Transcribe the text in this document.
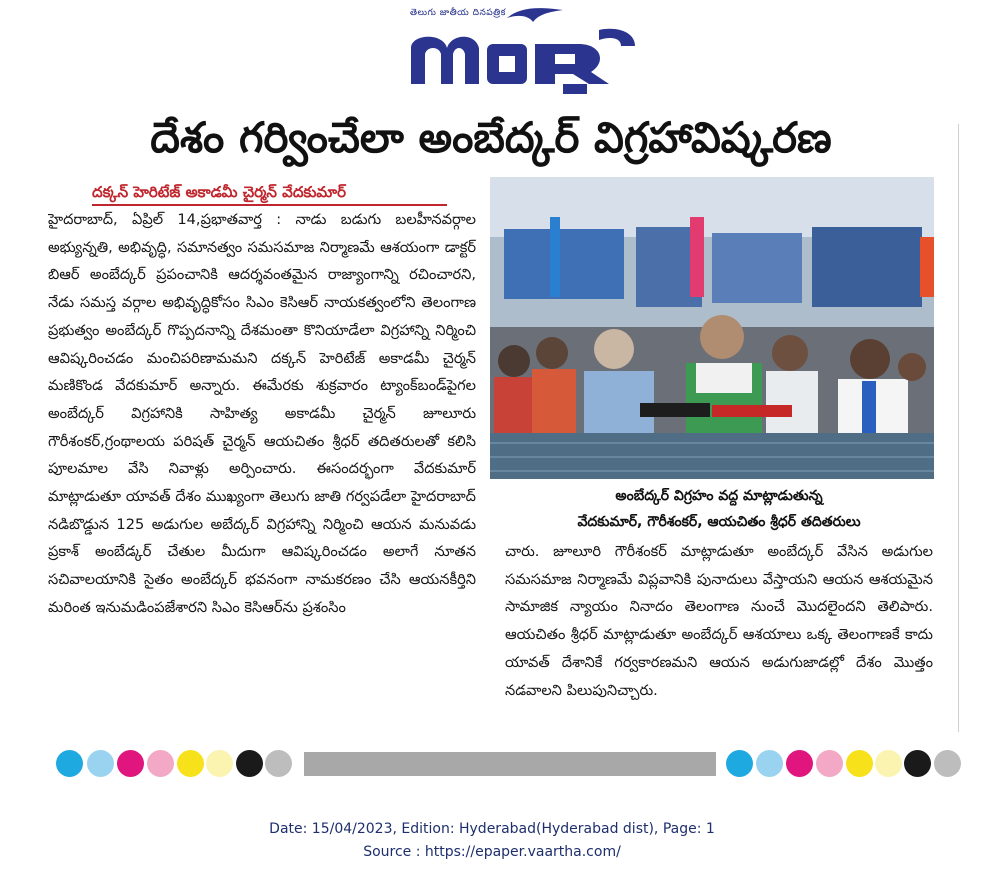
తెలుగు జాతీయ దినపత్రిక
దేశం గర్వించేలా అంబేద్కర్ విగ్రహావిష్కరణ
దక్కన్ హెరిటేజ్ అకాడమీ చైర్మన్ వేదకుమార్

హైదరాబాద్, ఏప్రిల్ 14,ప్రభాతవార్త : నాడు బడుగు బలహీనవర్గాల అభ్యున్నతి, అభివృద్ధి, సమానత్వం సమసమాజ నిర్మాణమే ఆశయంగా డాక్టర్ బిఆర్ అంబేద్కర్ ప్రపంచానికి ఆదర్శవంతమైన రాజ్యాంగాన్ని రచించారని, నేడు సమస్త వర్గాల అభివృద్ధికోసం సిఎం కెసిఆర్ నాయకత్వంలోని తెలంగాణ ప్రభుత్వం అంబేద్కర్ గొప్పదనాన్ని దేశమంతా కొనియాడేలా విగ్రహాన్ని నిర్మించి ఆవిష్కరించడం మంచిపరిణామమని దక్కన్ హెరిటేజ్ అకాడమీ చైర్మన్ మణికొండ వేదకుమార్ అన్నారు. ఈమేరకు శుక్రవారం ట్యాంక్‌బండ్‌పైగల అంబేద్కర్ విగ్రహానికి సాహిత్య అకాడమీ చైర్మన్ జూలూరు గౌరీశంకర్,గ్రంథాలయ పరిషత్ చైర్మన్ ఆయచితం శ్రీధర్ తదితరులతో కలిసి పూలమాల వేసి నివాళ్లు అర్పించారు. ఈసందర్భంగా వేదకుమార్ మాట్లాడుతూ యావత్ దేశం ముఖ్యంగా తెలుగు జాతి గర్వపడేలా హైదరాబాద్ నడిబొడ్డున 125 అడుగుల అబేద్కర్ విగ్రహాన్ని నిర్మించి ఆయన మనువడు ప్రకాశ్ అంబేడ్కర్ చేతుల మీదుగా ఆవిష్కరించడం అలాగే నూతన సచివాలయానికి సైతం అంబేద్కర్ భవనంగా నామకరణం చేసి ఆయనకీర్తిని మరింత ఇనుమడింపజేశారని సిఎం కెసిఆర్‌ను ప్రశంసిం

అంబేద్కర్ విగ్రహం వద్ద మాట్లాడుతున్న
వేదకుమార్, గౌరీశంకర్, ఆయచితం శ్రీధర్ తదితరులు

చారు. జూలూరి గౌరీశంకర్ మాట్లాడుతూ అంబేద్కర్ వేసిన అడుగుల సమసమాజ నిర్మాణమే విప్లవానికి పునాదులు వేస్తాయని ఆయన ఆశయమైన సామాజిక న్యాయం నినాదం తెలంగాణ నుంచే మొదలైందని తెలిపారు. ఆయచితం శ్రీధర్ మాట్లాడుతూ అంబేద్కర్ ఆశయాలు ఒక్క తెలంగాణకే కాదు యావత్ దేశానికే గర్వకారణమని ఆయన అడుగుజాడల్లో దేశం మొత్తం నడవాలని పిలుపునిచ్చారు.

Date: 15/04/2023, Edition: Hyderabad(Hyderabad dist), Page: 1
Source : https://epaper.vaartha.com/
